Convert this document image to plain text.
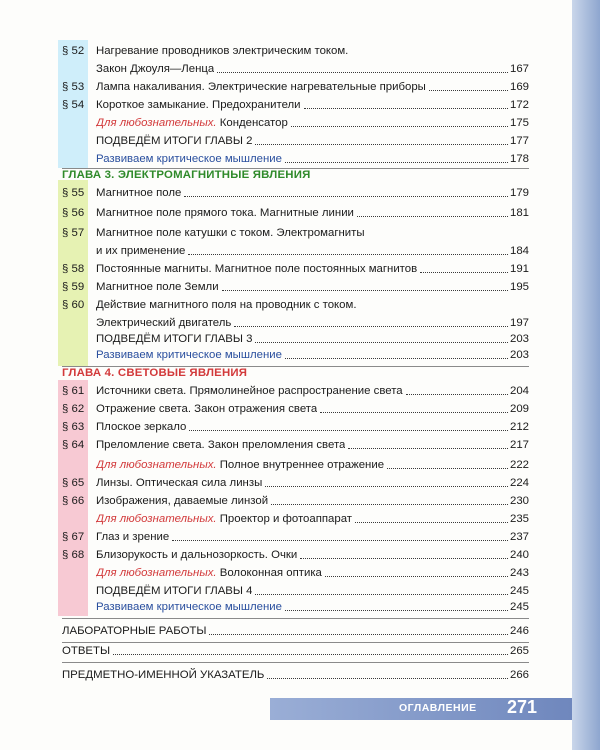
§ 52 Нагревание проводников электрическим током.
Закон Джоуля—Ленца	167
§ 53 Лампа накаливания. Электрические нагревательные приборы	169
§ 54 Короткое замыкание. Предохранители	172
Для любознательных. Конденсатор	175
ПОДВЕДЁМ ИТОГИ ГЛАВЫ 2	177
Развиваем критическое мышление	178
ГЛАВА 3. ЭЛЕКТРОМАГНИТНЫЕ ЯВЛЕНИЯ
§ 55 Магнитное поле	179
§ 56 Магнитное поле прямого тока. Магнитные линии	181
§ 57 Магнитное поле катушки с током. Электромагниты
и их применение	184
§ 58 Постоянные магниты. Магнитное поле постоянных магнитов	191
§ 59 Магнитное поле Земли	195
§ 60 Действие магнитного поля на проводник с током.
Электрический двигатель	197
ПОДВЕДЁМ ИТОГИ ГЛАВЫ 3	203
Развиваем критическое мышление	203
ГЛАВА 4. СВЕТОВЫЕ ЯВЛЕНИЯ
§ 61 Источники света. Прямолинейное распространение света	204
§ 62 Отражение света. Закон отражения света	209
§ 63 Плоское зеркало	212
§ 64 Преломление света. Закон преломления света	217
Для любознательных. Полное внутреннее отражение	222
§ 65 Линзы. Оптическая сила линзы	224
§ 66 Изображения, даваемые линзой	230
Для любознательных. Проектор и фотоаппарат	235
§ 67 Глаз и зрение	237
§ 68 Близорукость и дальнозоркость. Очки	240
Для любознательных. Волоконная оптика	243
ПОДВЕДЁМ ИТОГИ ГЛАВЫ 4	245
Развиваем критическое мышление	245
ЛАБОРАТОРНЫЕ РАБОТЫ	246
ОТВЕТЫ	265
ПРЕДМЕТНО-ИМЕННОЙ УКАЗАТЕЛЬ	266
ОГЛАВЛЕНИЕ 271
